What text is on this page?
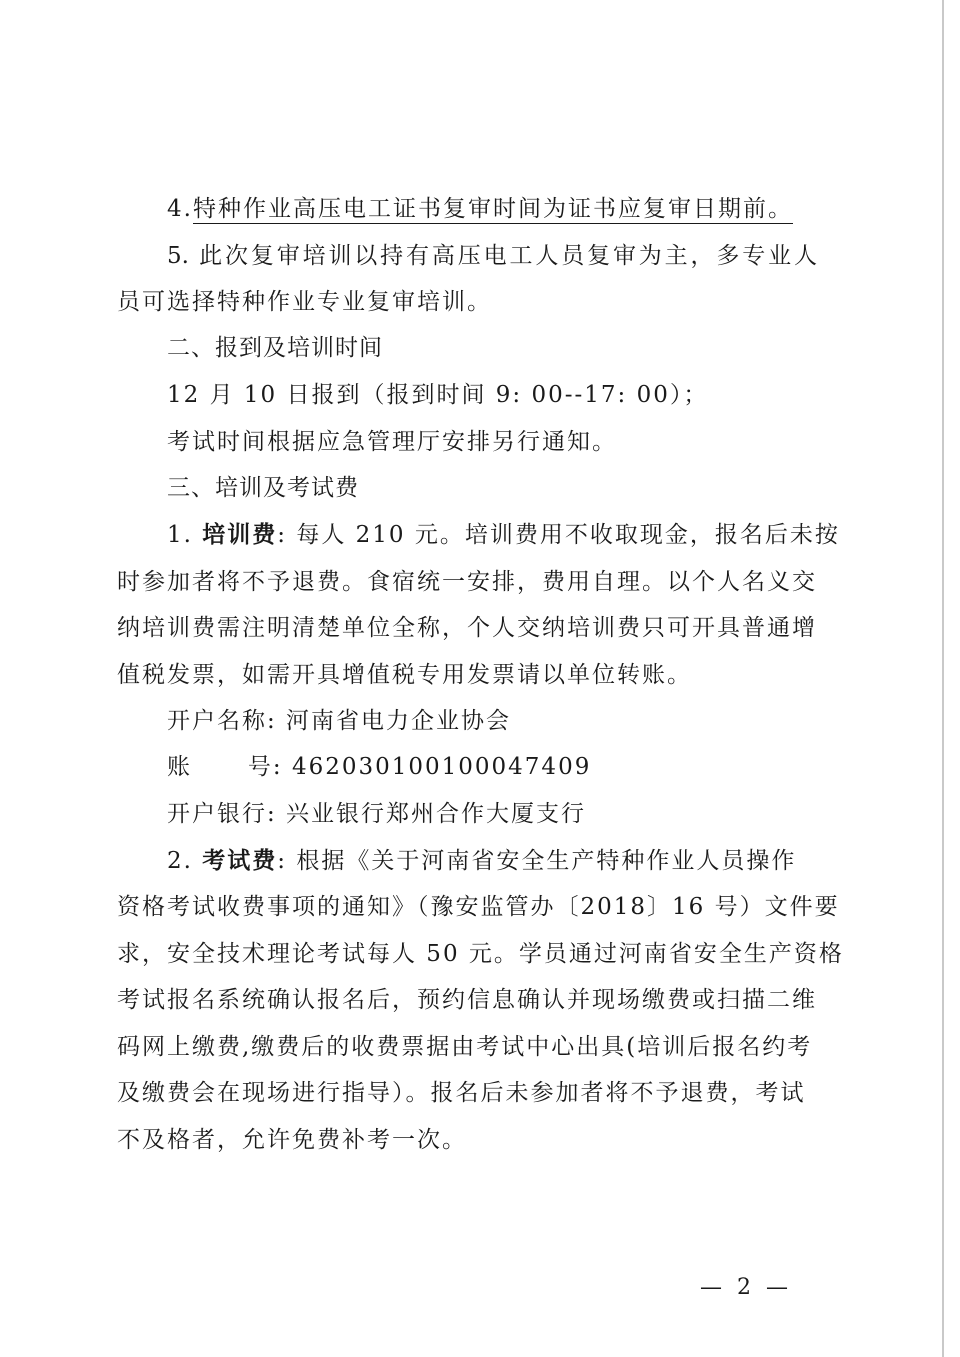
4.特种作业高压电工证书复审时间为证书应复审日期前。
5. 此次复审培训以持有高压电工人员复审为主，多专业人
员可选择特种作业专业复审培训。
二、报到及培训时间
12 月 10 日报到（报到时间 9: 00--17: 00）；
考试时间根据应急管理厅安排另行通知。
三、培训及考试费
1. 培训费: 每人 210 元。培训费用不收取现金，报名后未按
时参加者将不予退费。食宿统一安排，费用自理。以个人名义交
纳培训费需注明清楚单位全称，个人交纳培训费只可开具普通增
值税发票，如需开具增值税专用发票请以单位转账。
开户名称: 河南省电力企业协会
账      号: 462030100100047409
开户银行: 兴业银行郑州合作大厦支行
2. 考试费: 根据《关于河南省安全生产特种作业人员操作
资格考试收费事项的通知》（豫安监管办〔2018〕16 号）文件要
求，安全技术理论考试每人 50 元。学员通过河南省安全生产资格
考试报名系统确认报名后，预约信息确认并现场缴费或扫描二维
码网上缴费,缴费后的收费票据由考试中心出具(培训后报名约考
及缴费会在现场进行指导）。报名后未参加者将不予退费，考试
不及格者，允许免费补考一次。
— 2 —
